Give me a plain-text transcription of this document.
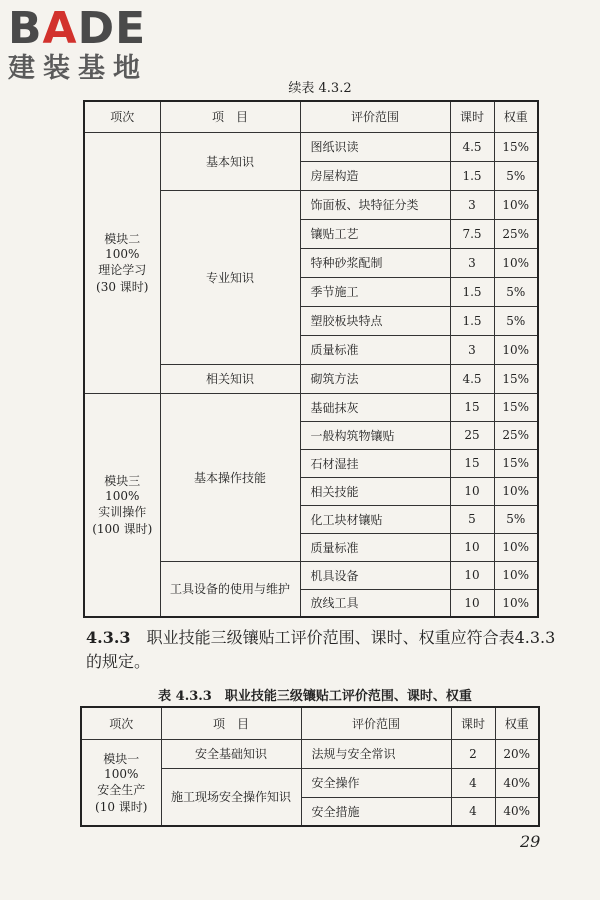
BADE
建装基地
续表 4.3.2
项次	项　目	评价范围	课时	权重

模块二 100%
理论学习
(30 课时)	基本知识	图纸识读	4.5	15%
		房屋构造	1.5	5%
	专业知识	饰面板、块特征分类	3	10%
		镶贴工艺	7.5	25%
		特种砂浆配制	3	10%
		季节施工	1.5	5%
		塑胶板块特点	1.5	5%
		质量标准	3	10%
	相关知识	砌筑方法	4.5	15%

模块三 100%
实训操作
(100 课时)	基本操作技能	基础抹灰	15	15%
		一般构筑物镶贴	25	25%
		石材湿挂	15	15%
		相关技能	10	10%
		化工块材镶贴	5	5%
		质量标准	10	10%
	工具设备的使用与维护	机具设备	10	10%
		放线工具	10	10%
4.3.3　 职业技能三级镶贴工评价范围、课时、权重应符合表4.3.3的规定。
表 4.3.3　职业技能三级镶贴工评价范围、课时、权重
项次	项　目	评价范围	课时	权重

模块一 100%
安全生产
(10 课时)	安全基础知识	法规与安全常识	2	20%
	施工现场安全操作知识	安全操作	4	40%
		安全措施	4	40%
29
